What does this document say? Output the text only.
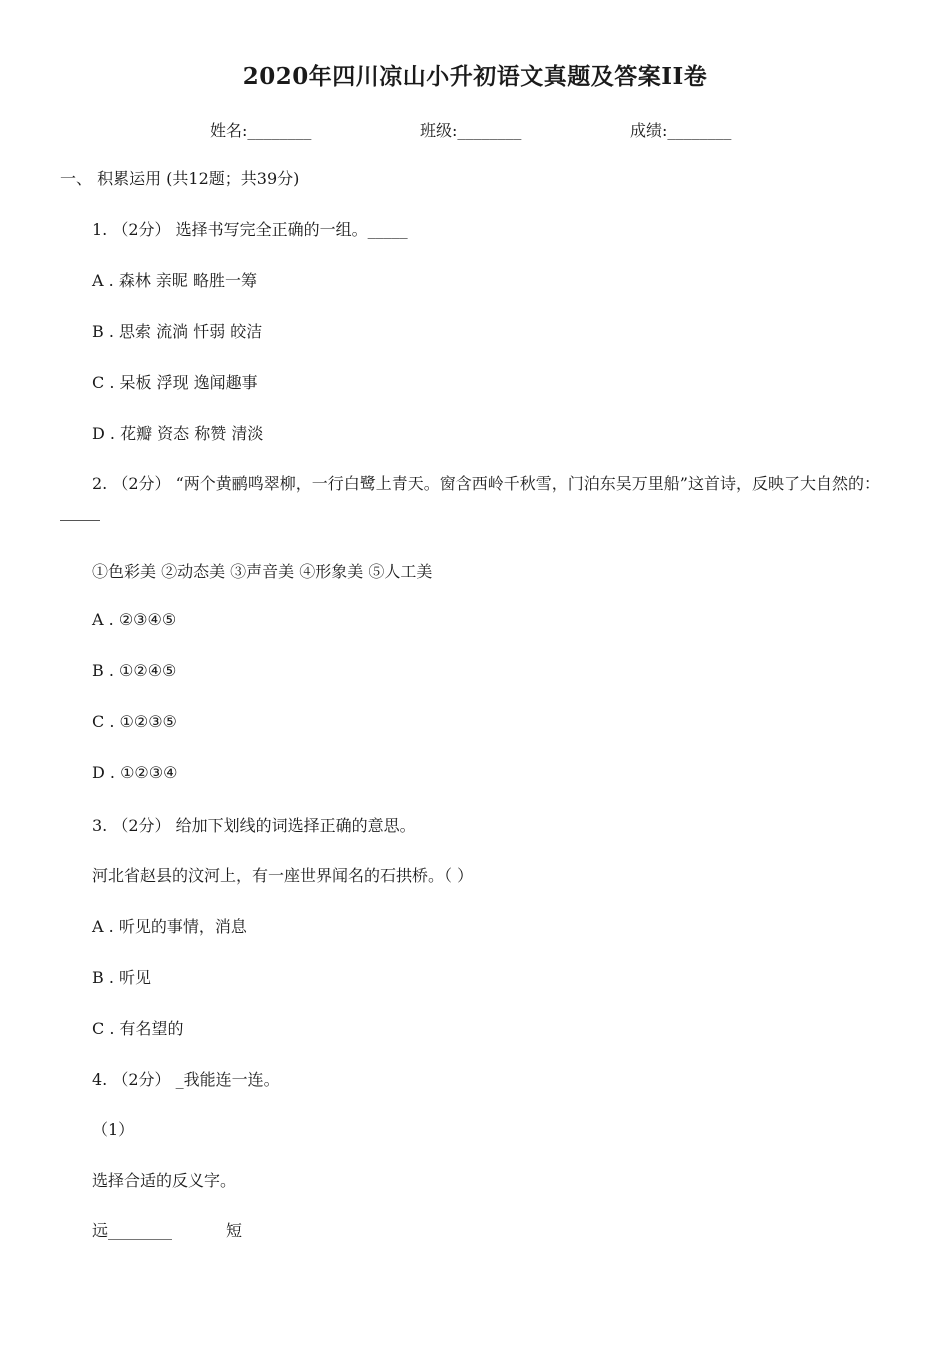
2020年四川凉山小升初语文真题及答案II卷
姓名:________	班级:________	成绩:________
一、 积累运用 (共12题；共39分)
1. （2分） 选择书写完全正确的一组。_____
A . 森林 亲昵 略胜一筹
B . 思索 流淌 忏弱 皎洁
C . 呆板 浮现 逸闻趣事
D . 花瓣 资态 称赞 清淡
2. （2分） “两个黄鹂鸣翠柳，一行白鹭上青天。窗含西岭千秋雪，门泊东吴万里船”这首诗，反映了大自然的：
①色彩美 ②动态美 ③声音美 ④形象美 ⑤人工美
A . ②③④⑤
B . ①②④⑤
C . ①②③⑤
D . ①②③④
3. （2分） 给加下划线的词选择正确的意思。
河北省赵县的汶河上，有一座世界闻名的石拱桥。（ ）
A . 听见的事情，消息
B . 听见
C . 有名望的
4. （2分） _我能连一连。
（1）
选择合适的反义字。
远________	短
